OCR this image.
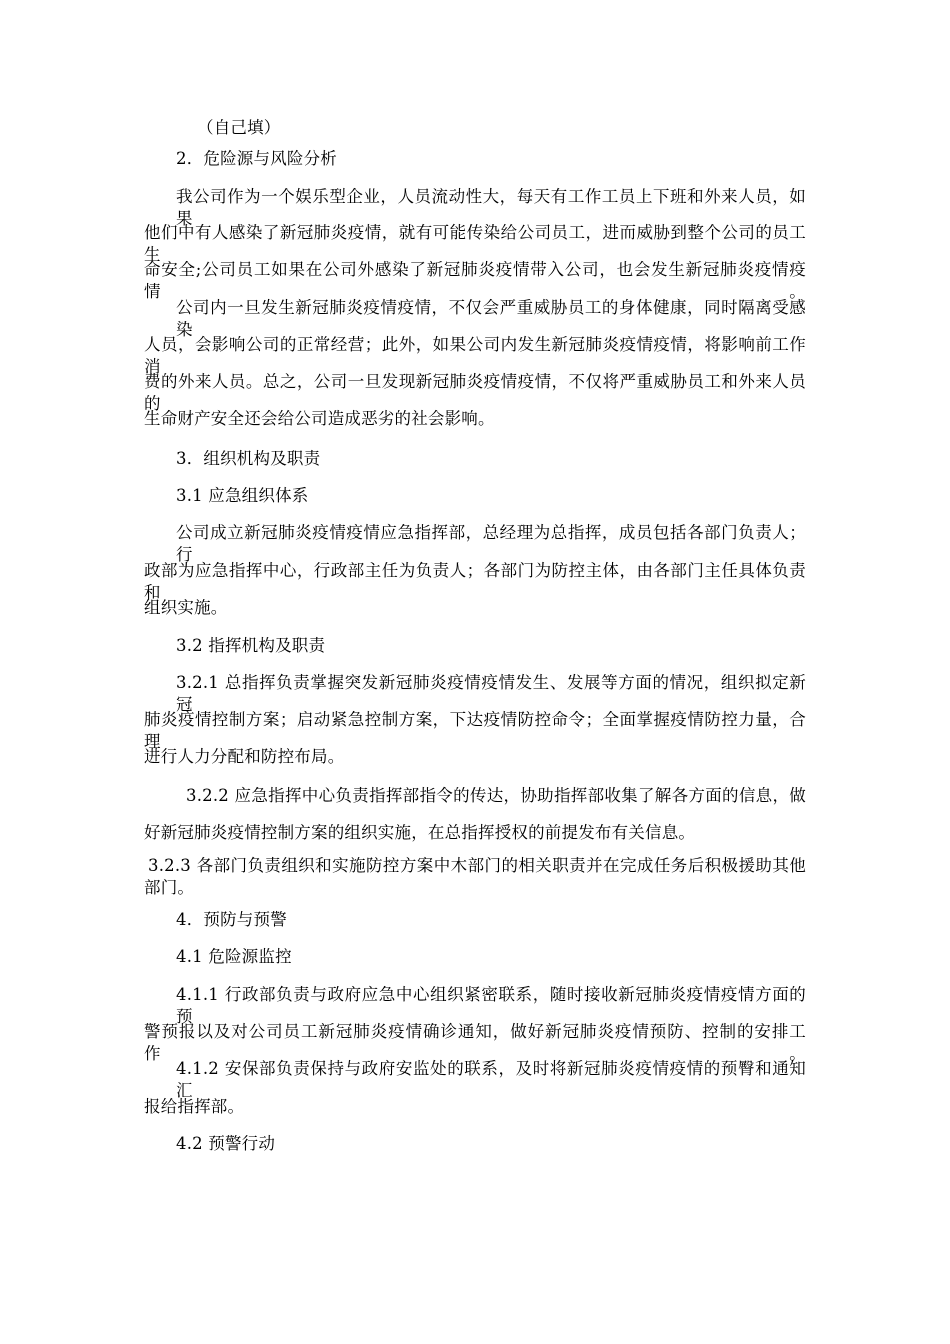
（自己填）

2．危险源与风险分析

我公司作为一个娱乐型企业，人员流动性大，每天有工作工员上下班和外来人员，如果

他们中有人感染了新冠肺炎疫情，就有可能传染给公司员工，进而威胁到整个公司的员工生

命安全;公司员工如果在公司外感染了新冠肺炎疫情带入公司，也会发生新冠肺炎疫情疫情。

公司内一旦发生新冠肺炎疫情疫情，不仅会严重威胁员工的身体健康，同时隔离受感染

人员，会影响公司的正常经营；此外，如果公司内发生新冠肺炎疫情疫情，将影响前工作消

费的外来人员。总之，公司一旦发现新冠肺炎疫情疫情，不仅将严重威胁员工和外来人员的

生命财产安全还会给公司造成恶劣的社会影响。

3．组织机构及职责

3.1 应急组织体系

公司成立新冠肺炎疫情疫情应急指挥部，总经理为总指挥，成员包括各部门负责人；行

政部为应急指挥中心，行政部主任为负责人；各部门为防控主体，由各部门主任具体负责和

组织实施。

3.2 指挥机构及职责

3.2.1 总指挥负责掌握突发新冠肺炎疫情疫情发生、发展等方面的情况，组织拟定新冠

肺炎疫情控制方案；启动紧急控制方案，下达疫情防控命令；全面掌握疫情防控力量，合理

进行人力分配和防控布局。

3.2.2 应急指挥中心负责指挥部指令的传达，协助指挥部收集了解各方面的信息，做

好新冠肺炎疫情控制方案的组织实施，在总指挥授权的前提发布有关信息。

3.2.3 各部门负责组织和实施防控方案中木部门的相关职责并在完成任务后积极援助其他

部门。

4．预防与预警

4.1 危险源监控

4.1.1 行政部负责与政府应急中心组织紧密联系，随时接收新冠肺炎疫情疫情方面的预

警预报以及对公司员工新冠肺炎疫情确诊通知，做好新冠肺炎疫情预防、控制的安排工作。

4.1.2 安保部负责保持与政府安监处的联系，及时将新冠肺炎疫情疫情的预臀和通知汇

报给指挥部。

4.2 预警行动
